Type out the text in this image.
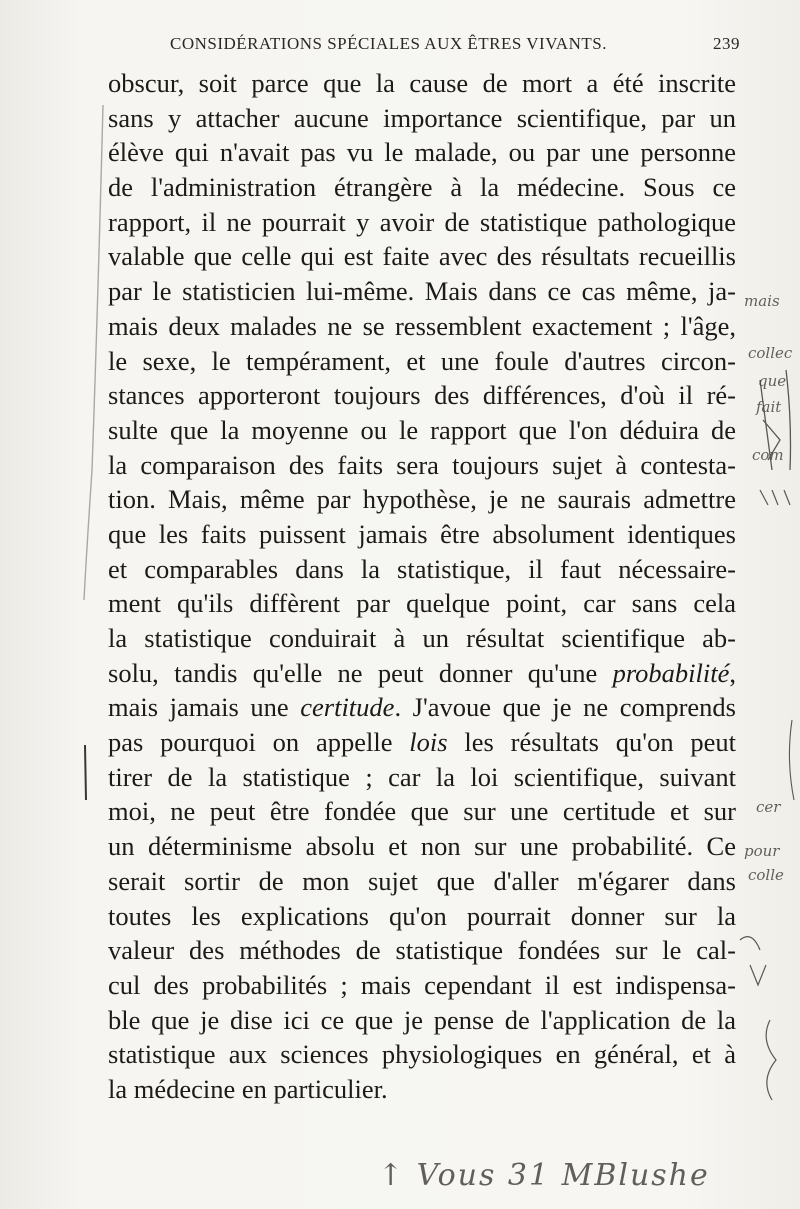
CONSIDÉRATIONS SPÉCIALES AUX ÊTRES VIVANTS.	239
obscur, soit parce que la cause de mort a été inscrite
sans y attacher aucune importance scientifique, par un
élève qui n'avait pas vu le malade, ou par une personne
de l'administration étrangère à la médecine. Sous ce
rapport, il ne pourrait y avoir de statistique pathologique
valable que celle qui est faite avec des résultats recueillis
par le statisticien lui-même. Mais dans ce cas même, ja-
mais deux malades ne se ressemblent exactement ; l'âge,
le sexe, le tempérament, et une foule d'autres circon-
stances apporteront toujours des différences, d'où il ré-
sulte que la moyenne ou le rapport que l'on déduira de
la comparaison des faits sera toujours sujet à contesta-
tion. Mais, même par hypothèse, je ne saurais admettre
que les faits puissent jamais être absolument identiques
et comparables dans la statistique, il faut nécessaire-
ment qu'ils diffèrent par quelque point, car sans cela
la statistique conduirait à un résultat scientifique ab-
solu, tandis qu'elle ne peut donner qu'une probabilité,
mais jamais une certitude. J'avoue que je ne comprends
pas pourquoi on appelle lois les résultats qu'on peut
tirer de la statistique ; car la loi scientifique, suivant
moi, ne peut être fondée que sur une certitude et sur
un déterminisme absolu et non sur une probabilité. Ce
serait sortir de mon sujet que d'aller m'égarer dans
toutes les explications qu'on pourrait donner sur la
valeur des méthodes de statistique fondées sur le cal-
cul des probabilités ; mais cependant il est indispensa-
ble que je dise ici ce que je pense de l'application de la
statistique aux sciences physiologiques en général, et à
la médecine en particulier.
mais
collec
que
fait
com
cer
pour
colle
↑ Vous 31 MBlushe
